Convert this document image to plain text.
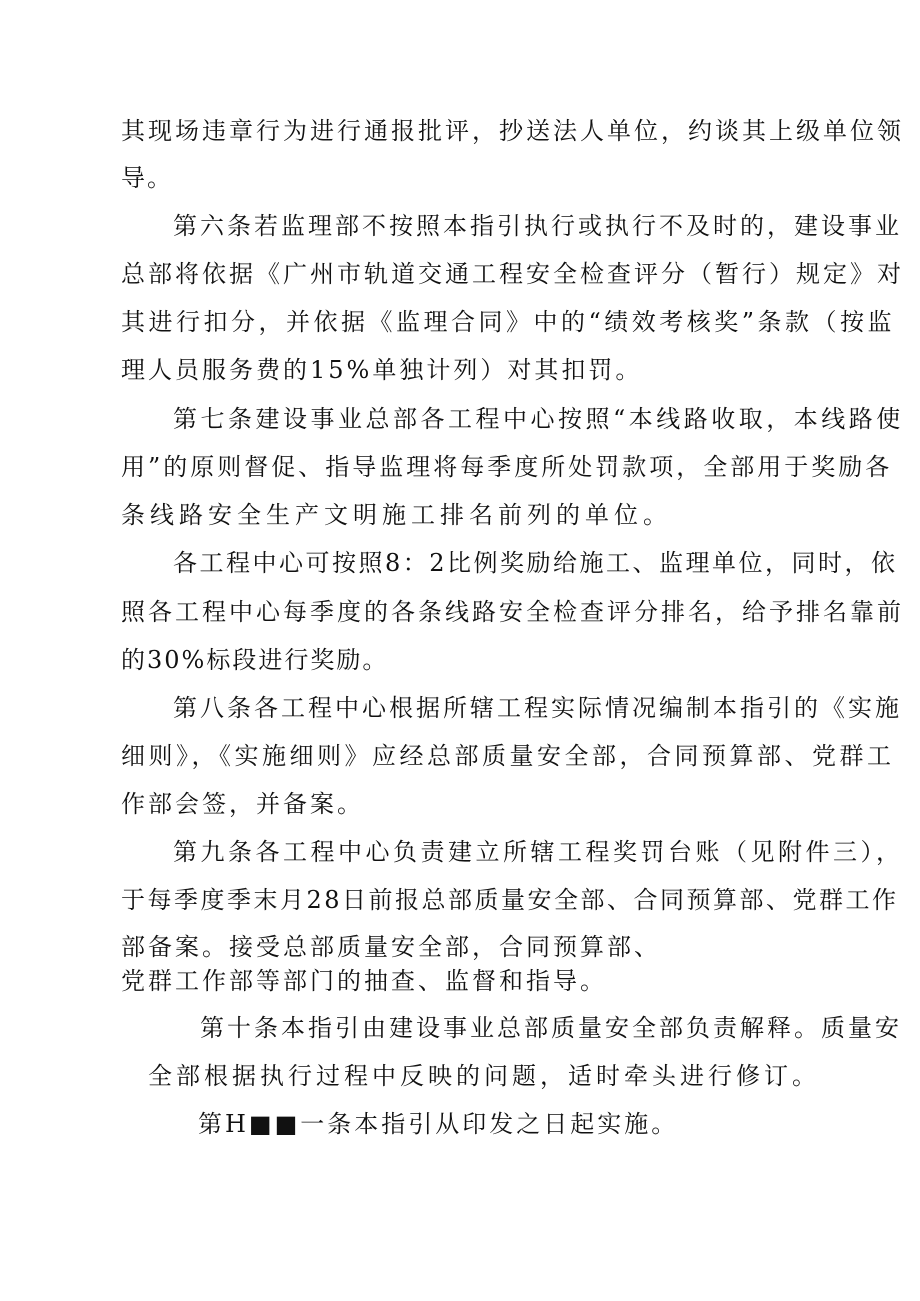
其现场违章行为进行通报批评，抄送法人单位，约谈其上级单位领
导。
第六条若监理部不按照本指引执行或执行不及时的，建设事业
总部将依据《广州市轨道交通工程安全检查评分（暂行）规定》对
其进行扣分，并依据《监理合同》中的“绩效考核奖”条款（按监
理人员服务费的15%单独计列）对其扣罚。
第七条建设事业总部各工程中心按照“本线路收取，本线路使
用”的原则督促、指导监理将每季度所处罚款项，全部用于奖励各
条线路安全生产文明施工排名前列的单位。
各工程中心可按照8：2比例奖励给施工、监理单位，同时，依
照各工程中心每季度的各条线路安全检查评分排名，给予排名靠前
的30%标段进行奖励。
第八条各工程中心根据所辖工程实际情况编制本指引的《实施
细则》，《实施细则》应经总部质量安全部，合同预算部、党群工
作部会签，并备案。
第九条各工程中心负责建立所辖工程奖罚台账（见附件三），
于每季度季末月28日前报总部质量安全部、合同预算部、党群工作
部备案。接受总部质量安全部，合同预算部、
党群工作部等部门的抽查、监督和指导。
第十条本指引由建设事业总部质量安全部负责解释。质量安
全部根据执行过程中反映的问题，适时牵头进行修订。
第H■■一条本指引从印发之日起实施。
